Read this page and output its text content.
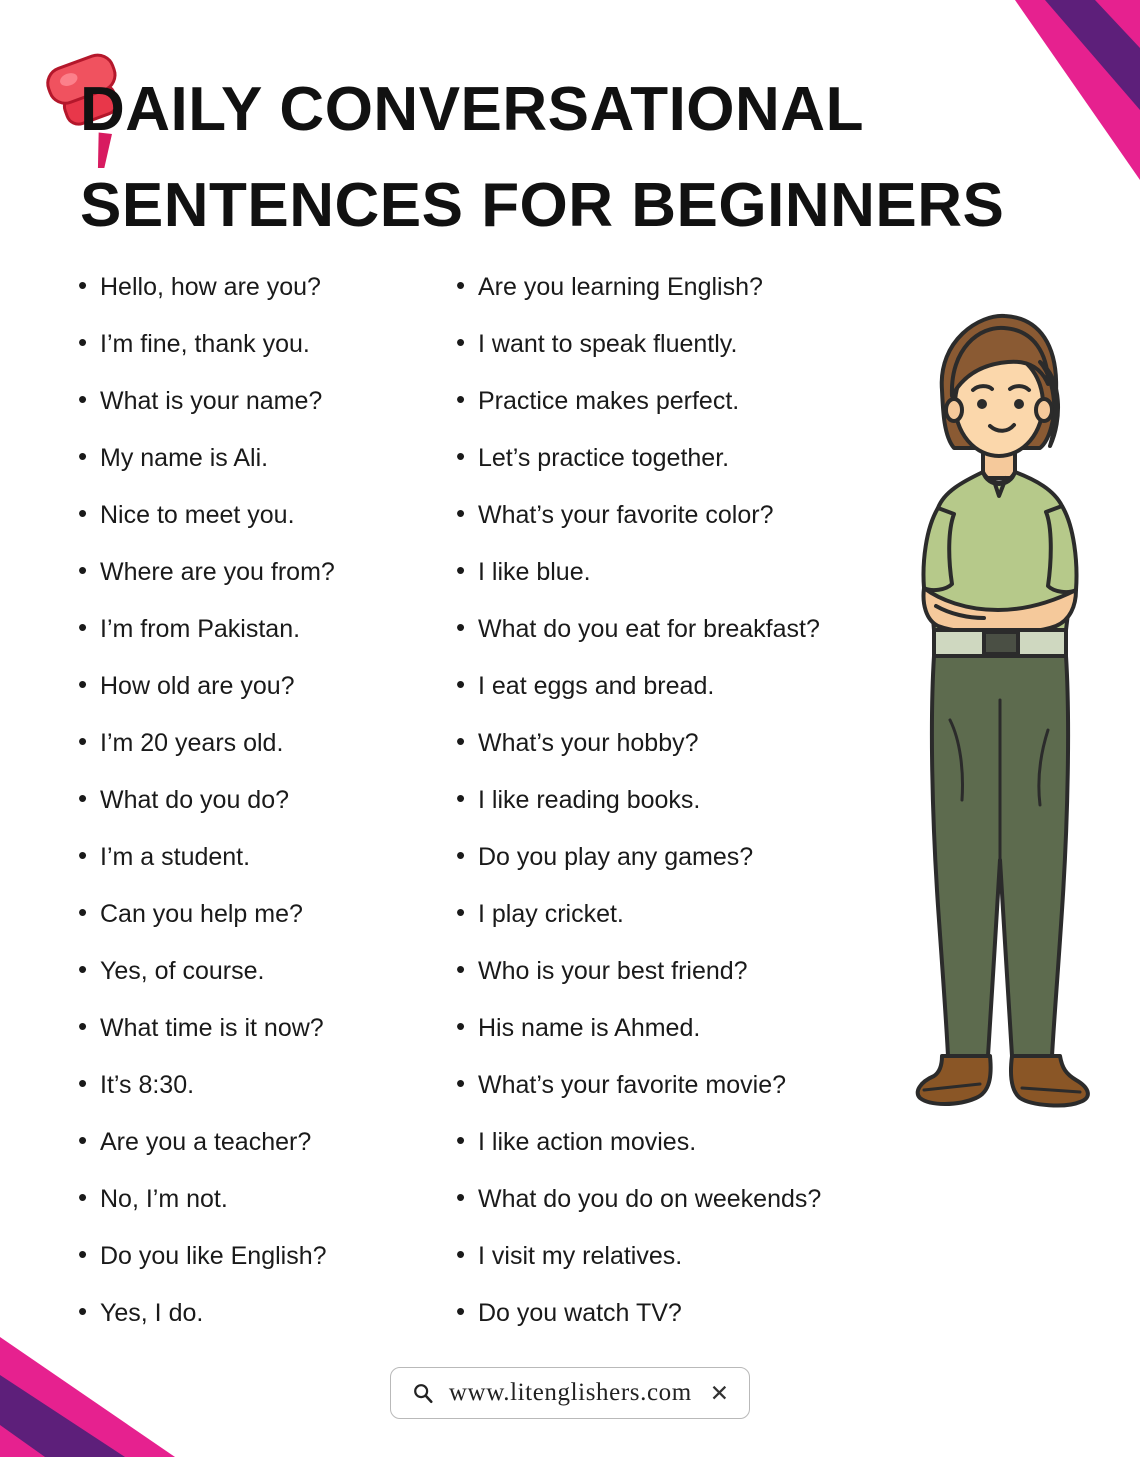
DAILY CONVERSATIONAL
SENTENCES FOR BEGINNERS
• Hello, how are you?
• I’m fine, thank you.
• What is your name?
• My name is Ali.
• Nice to meet you.
• Where are you from?
• I’m from Pakistan.
• How old are you?
• I’m 20 years old.
• What do you do?
• I’m a student.
• Can you help me?
• Yes, of course.
• What time is it now?
• It’s 8:30.
• Are you a teacher?
• No, I’m not.
• Do you like English?
• Yes, I do.
• Are you learning English?
• I want to speak fluently.
• Practice makes perfect.
• Let’s practice together.
• What’s your favorite color?
• I like blue.
• What do you eat for breakfast?
• I eat eggs and bread.
• What’s your hobby?
• I like reading books.
• Do you play any games?
• I play cricket.
• Who is your best friend?
• His name is Ahmed.
• What’s your favorite movie?
• I like action movies.
• What do you do on weekends?
• I visit my relatives.
• Do you watch TV?
www.litenglishers.com ✕
